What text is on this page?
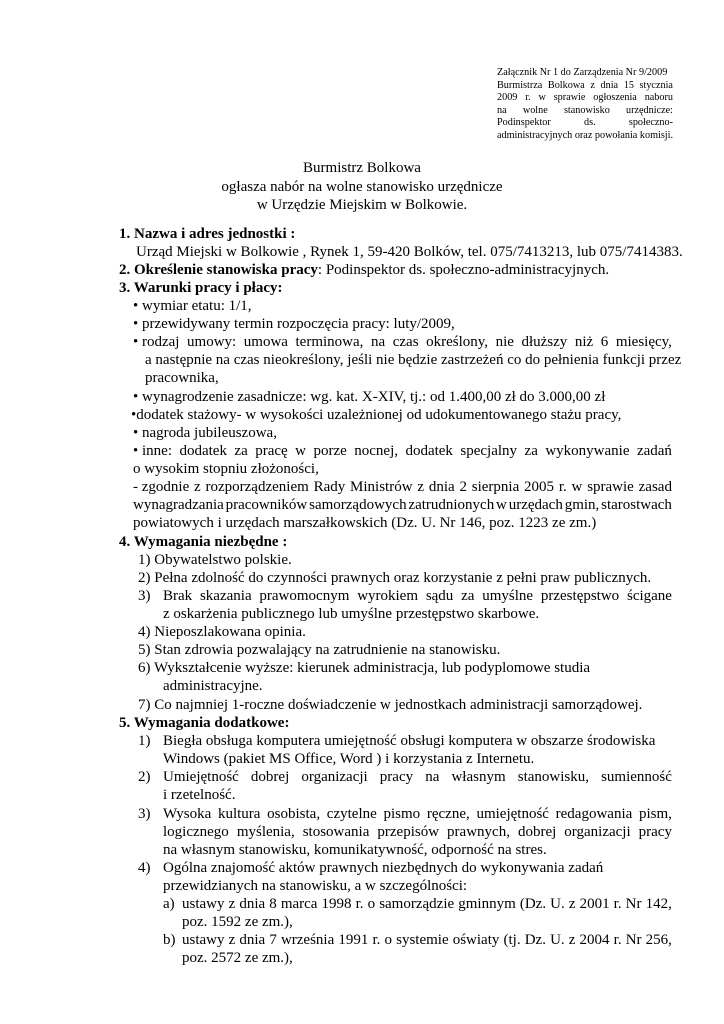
Załącznik Nr 1 do Zarządzenia Nr 9/2009
Burmistrza Bolkowa z dnia 15 stycznia
2009 r. w sprawie ogłoszenia naboru
na wolne stanowisko urzędnicze:
Podinspektor	ds.	społeczno-
administracyjnych oraz powołania komisji.
Burmistrz Bolkowa
ogłasza nabór na wolne stanowisko urzędnicze
w Urzędzie Miejskim w Bolkowie.
1. Nazwa i adres jednostki :
Urząd Miejski w Bolkowie , Rynek 1, 59-420 Bolków, tel. 075/7413213, lub 075/7414383.
2. Określenie stanowiska pracy: Podinspektor ds. społeczno-administracyjnych.
3. Warunki pracy i płacy:
• wymiar etatu: 1/1,
• przewidywany termin rozpoczęcia pracy: luty/2009,
• rodzaj umowy: umowa terminowa, na czas określony, nie dłuższy niż 6 miesięcy,
a następnie na czas nieokreślony, jeśli nie będzie zastrzeżeń co do pełnienia funkcji przez
pracownika,
• wynagrodzenie zasadnicze: wg. kat. X-XIV, tj.: od 1.400,00 zł do 3.000,00 zł
•dodatek stażowy- w wysokości uzależnionej od udokumentowanego stażu pracy,
• nagroda jubileuszowa,
• inne: dodatek za pracę w porze nocnej, dodatek specjalny za wykonywanie zadań
o wysokim stopniu złożoności,
- zgodnie z rozporządzeniem Rady Ministrów z dnia 2 sierpnia 2005 r. w sprawie zasad
wynagradzania pracowników samorządowych zatrudnionych w urzędach gmin, starostwach
powiatowych i urzędach marszałkowskich (Dz. U. Nr 146, poz. 1223 ze zm.)
4. Wymagania niezbędne :
1) Obywatelstwo polskie.
2) Pełna zdolność do czynności prawnych oraz korzystanie z pełni praw publicznych.
3) Brak skazania prawomocnym wyrokiem sądu za umyślne przestępstwo ścigane
z oskarżenia publicznego lub umyślne przestępstwo skarbowe.
4) Nieposzlakowana opinia.
5) Stan zdrowia pozwalający na zatrudnienie na stanowisku.
6) Wykształcenie wyższe: kierunek administracja, lub podyplomowe studia
administracyjne.
7) Co najmniej 1-roczne doświadczenie w jednostkach administracji samorządowej.
5. Wymagania dodatkowe:
1) Biegła obsługa komputera umiejętność obsługi komputera w obszarze środowiska
Windows (pakiet MS Office, Word ) i korzystania z Internetu.
2) Umiejętność dobrej organizacji pracy na własnym stanowisku, sumienność
i rzetelność.
3) Wysoka kultura osobista, czytelne pismo ręczne, umiejętność redagowania pism,
logicznego myślenia, stosowania przepisów prawnych, dobrej organizacji pracy
na własnym stanowisku, komunikatywność, odporność na stres.
4) Ogólna znajomość aktów prawnych niezbędnych do wykonywania zadań
przewidzianych na stanowisku, a w szczególności:
a) ustawy z dnia 8 marca 1998 r. o samorządzie gminnym (Dz. U. z 2001 r. Nr 142,
poz. 1592 ze zm.),
b) ustawy z dnia 7 września 1991 r. o systemie oświaty (tj. Dz. U. z 2004 r. Nr 256,
poz. 2572 ze zm.),
